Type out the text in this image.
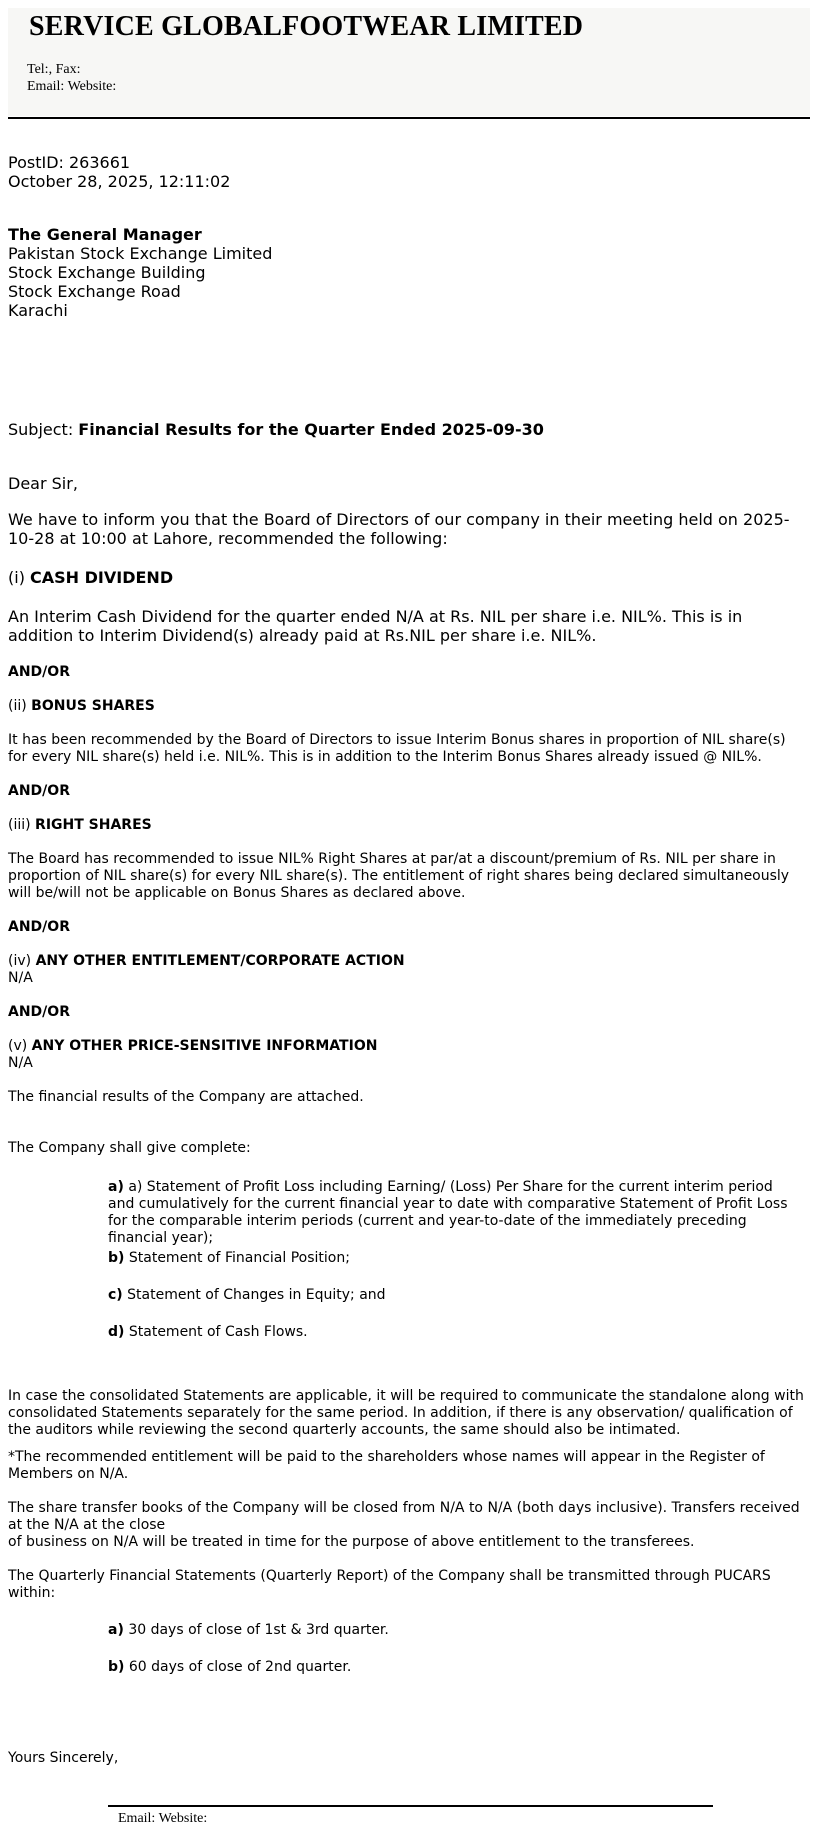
SERVICE GLOBALFOOTWEAR LIMITED
Tel:, Fax:
Email: Website:
PostID: 263661
October 28, 2025, 12:11:02
The General Manager
Pakistan Stock Exchange Limited
Stock Exchange Building
Stock Exchange Road
Karachi
Subject: Financial Results for the Quarter Ended 2025-09-30
Dear Sir,
We have to inform you that the Board of Directors of our company in their meeting held on 2025-10-28 at 10:00 at Lahore, recommended the following:
(i) CASH DIVIDEND
An Interim Cash Dividend for the quarter ended N/A at Rs. NIL per share i.e. NIL%. This is in addition to Interim Dividend(s) already paid at Rs.NIL per share i.e. NIL%.
AND/OR
(ii) BONUS SHARES
It has been recommended by the Board of Directors to issue Interim Bonus shares in proportion of NIL share(s) for every NIL share(s) held i.e. NIL%. This is in addition to the Interim Bonus Shares already issued @ NIL%.
AND/OR
(iii) RIGHT SHARES
The Board has recommended to issue NIL% Right Shares at par/at a discount/premium of Rs. NIL per share in proportion of NIL share(s) for every NIL share(s). The entitlement of right shares being declared simultaneously will be/will not be applicable on Bonus Shares as declared above.
AND/OR
(iv) ANY OTHER ENTITLEMENT/CORPORATE ACTION
N/A
AND/OR
(v) ANY OTHER PRICE-SENSITIVE INFORMATION
N/A
The financial results of the Company are attached.
The Company shall give complete:
a) a) Statement of Profit Loss including Earning/ (Loss) Per Share for the current interim period and cumulatively for the current financial year to date with comparative Statement of Profit Loss for the comparable interim periods (current and year-to-date of the immediately preceding financial year);
b) Statement of Financial Position;
c) Statement of Changes in Equity; and
d) Statement of Cash Flows.
In case the consolidated Statements are applicable, it will be required to communicate the standalone along with consolidated Statements separately for the same period. In addition, if there is any observation/ qualification of the auditors while reviewing the second quarterly accounts, the same should also be intimated.
*The recommended entitlement will be paid to the shareholders whose names will appear in the Register of Members on N/A.
The share transfer books of the Company will be closed from N/A to N/A (both days inclusive). Transfers received at the N/A at the close
of business on N/A will be treated in time for the purpose of above entitlement to the transferees.
The Quarterly Financial Statements (Quarterly Report) of the Company shall be transmitted through PUCARS within:
a) 30 days of close of 1st & 3rd quarter.
b) 60 days of close of 2nd quarter.
Yours Sincerely,
Email: Website:
